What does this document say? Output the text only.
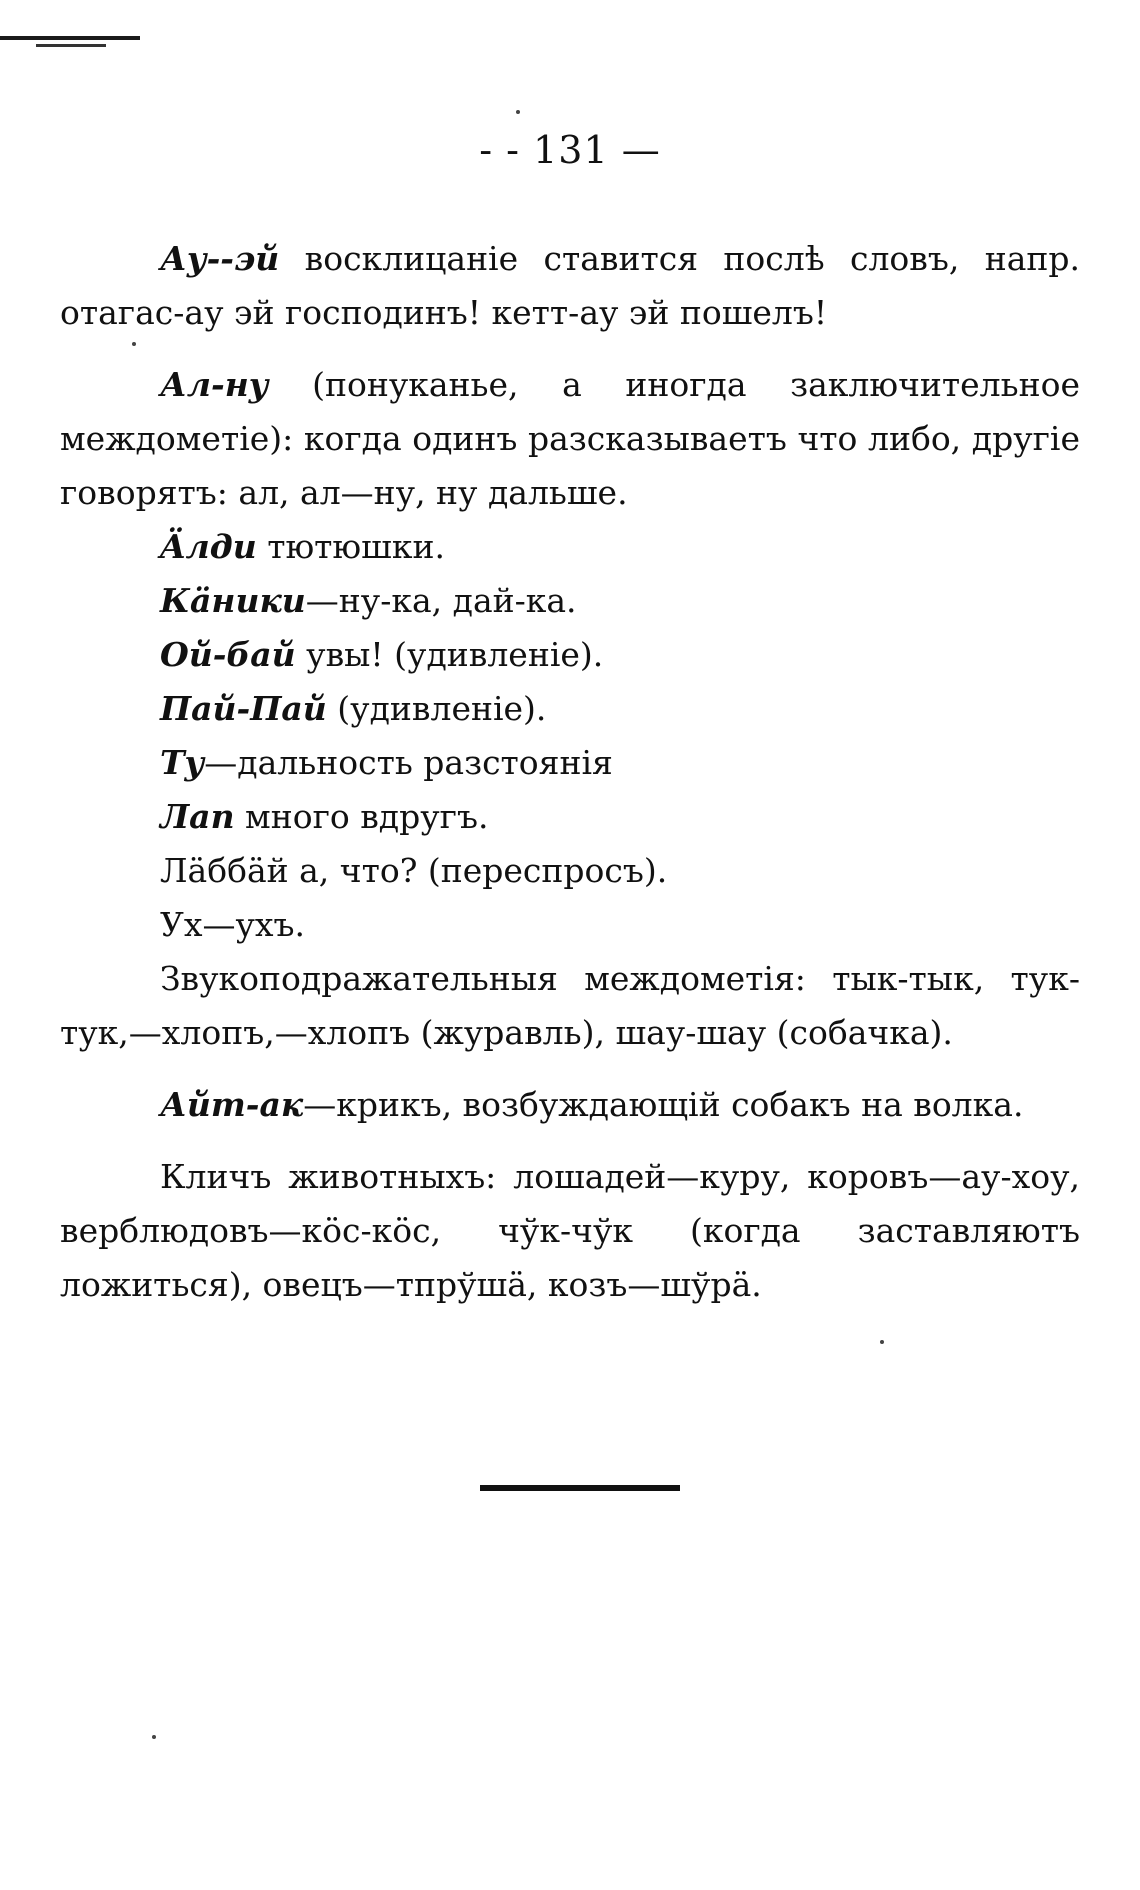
- - 131 —

Ау--эй восклицаніе ставится послѣ словъ, напр. отагас-ау эй господинъ! кетт-ау эй пошелъ!

Ал-ну (понуканье, а иногда заключительное междометіе): когда одинъ разсказываетъ что либо, другіе говорятъ: ал, ал—ну, ну дальше.

Äлди тютюшки.

Кäники—ну-ка, дай-ка.

Ой-бай увы! (удивленіе).

Пай-Пай (удивленіе).

Ту—дальность разстоянія

Лап много вдругъ.

Лäббäй а, что? (переспросъ).

Ух—ухъ.

Звукоподражательныя междометія: тык-тык, тук-тук,—хлопъ,—хлопъ (журавль), шау-шау (собачка).

Айт-ак—крикъ, возбуждающій собакъ на волка.

Кличъ животныхъ: лошадей—куру, коровъ—ау-хоу, верблюдовъ—кöс-кöс, чўк-чўк (когда заставляютъ ложиться), овецъ—тпрўшä, козъ—шўрä.
